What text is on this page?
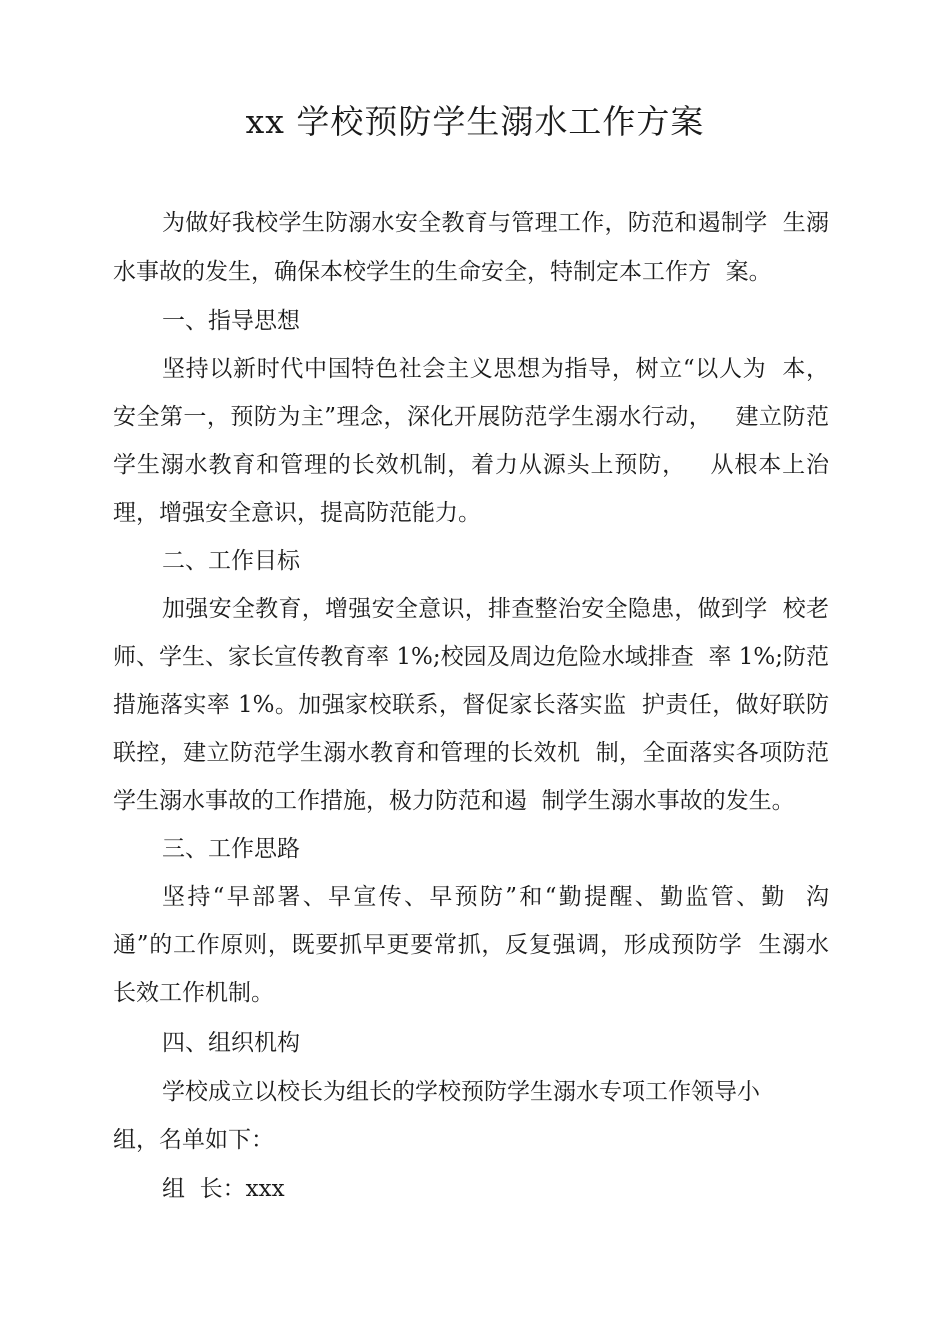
xx 学校预防学生溺水工作方案

为做好我校学生防溺水安全教育与管理工作，防范和遏制学  生溺

水事故的发生，确保本校学生的生命安全，特制定本工作方  案。

一、指导思想

坚持以新时代中国特色社会主义思想为指导，树立“以人为  本，

安全第一，预防为主”理念，深化开展防范学生溺水行动，   建立防范

学生溺水教育和管理的长效机制，着力从源头上预防，   从根本上治

理，增强安全意识，提高防范能力。

二、工作目标

加强安全教育，增强安全意识，排查整治安全隐患，做到学  校老

师、学生、家长宣传教育率 1%;校园及周边危险水域排查  率 1%;防范

措施落实率 1%。加强家校联系，督促家长落实监  护责任，做好联防

联控，建立防范学生溺水教育和管理的长效机  制，全面落实各项防范

学生溺水事故的工作措施，极力防范和遏  制学生溺水事故的发生。

三、工作思路

坚持“早部署、早宣传、早预防”和“勤提醒、勤监管、勤  沟

通”的工作原则，既要抓早更要常抓，反复强调，形成预防学  生溺水

长效工作机制。

四、组织机构

学校成立以校长为组长的学校预防学生溺水专项工作领导小

组，名单如下：

组  长：xxx
